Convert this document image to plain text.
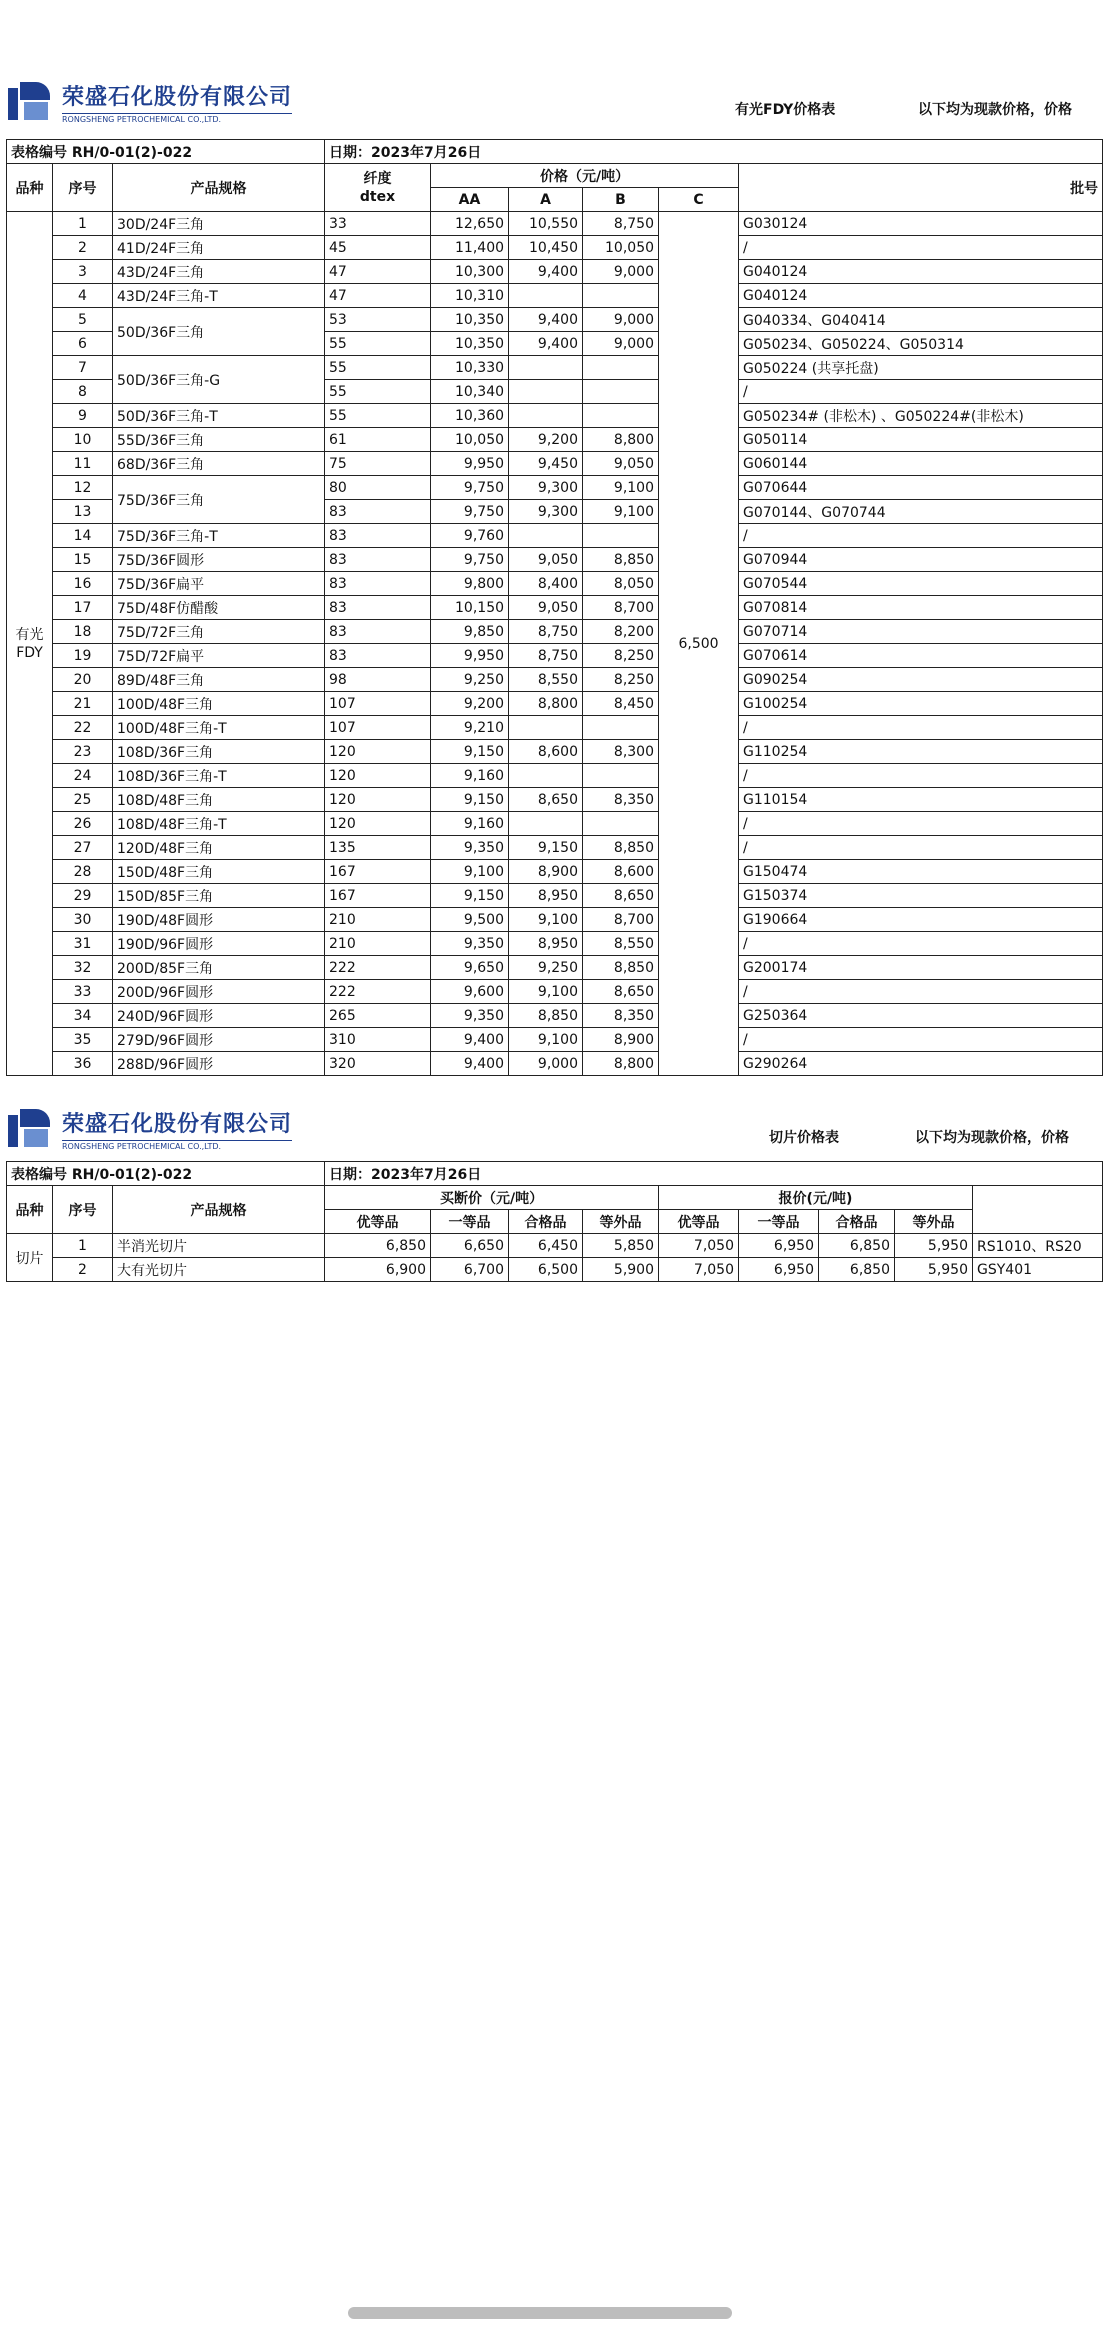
荣盛石化股份有限公司
RONGSHENG PETROCHEMICAL CO.,LTD.
有光FDY价格表	以下均为现款价格，价格
表格编号 RH/0-01(2)-022			日期：2023年7月26日					
品种	序号	产品规格	纤度
dtex	价格（元/吨）				批号
				AA	A	B	C	
有光
FDY	1	30D/24F三角	33	12,650	10,550	8,750	6,500	G030124
	2	41D/24F三角	45	11,400	10,450	10,050		/
	3	43D/24F三角	47	10,300	9,400	9,000		G040124
	4	43D/24F三角-T	47	10,310				G040124
	5	50D/36F三角	53	10,350	9,400	9,000		G040334、G040414
	6		55	10,350	9,400	9,000		G050234、G050224、G050314
	7	50D/36F三角-G	55	10,330				G050224 (共享托盘)
	8		55	10,340				/
	9	50D/36F三角-T	55	10,360				G050234# (非松木) 、G050224#(非松木)
	10	55D/36F三角	61	10,050	9,200	8,800		G050114
	11	68D/36F三角	75	9,950	9,450	9,050		G060144
	12	75D/36F三角	80	9,750	9,300	9,100		G070644
	13		83	9,750	9,300	9,100		G070144、G070744
	14	75D/36F三角-T	83	9,760				/
	15	75D/36F圆形	83	9,750	9,050	8,850		G070944
	16	75D/36F扁平	83	9,800	8,400	8,050		G070544
	17	75D/48F仿醋酸	83	10,150	9,050	8,700		G070814
	18	75D/72F三角	83	9,850	8,750	8,200		G070714
	19	75D/72F扁平	83	9,950	8,750	8,250		G070614
	20	89D/48F三角	98	9,250	8,550	8,250		G090254
	21	100D/48F三角	107	9,200	8,800	8,450		G100254
	22	100D/48F三角-T	107	9,210				/
	23	108D/36F三角	120	9,150	8,600	8,300		G110254
	24	108D/36F三角-T	120	9,160				/
	25	108D/48F三角	120	9,150	8,650	8,350		G110154
	26	108D/48F三角-T	120	9,160				/
	27	120D/48F三角	135	9,350	9,150	8,850		/
	28	150D/48F三角	167	9,100	8,900	8,600		G150474
	29	150D/85F三角	167	9,150	8,950	8,650		G150374
	30	190D/48F圆形	210	9,500	9,100	8,700		G190664
	31	190D/96F圆形	210	9,350	8,950	8,550		/
	32	200D/85F三角	222	9,650	9,250	8,850		G200174
	33	200D/96F圆形	222	9,600	9,100	8,650		/
	34	240D/96F圆形	265	9,350	8,850	8,350		G250364
	35	279D/96F圆形	310	9,400	9,100	8,900		/
	36	288D/96F圆形	320	9,400	9,000	8,800		G290264
荣盛石化股份有限公司
RONGSHENG PETROCHEMICAL CO.,LTD.
切片价格表	以下均为现款价格，价格
表格编号 RH/0-01(2)-022			日期：2023年7月26日								
品种	序号	产品规格	买断价（元/吨）				报价(元/吨)				
			优等品	一等品	合格品	等外品	优等品	一等品	合格品	等外品	
切片	1	半消光切片	6,850	6,650	6,450	5,850	7,050	6,950	6,850	5,950	RS1010、RS20
	2	大有光切片	6,900	6,700	6,500	5,900	7,050	6,950	6,850	5,950	GSY401
